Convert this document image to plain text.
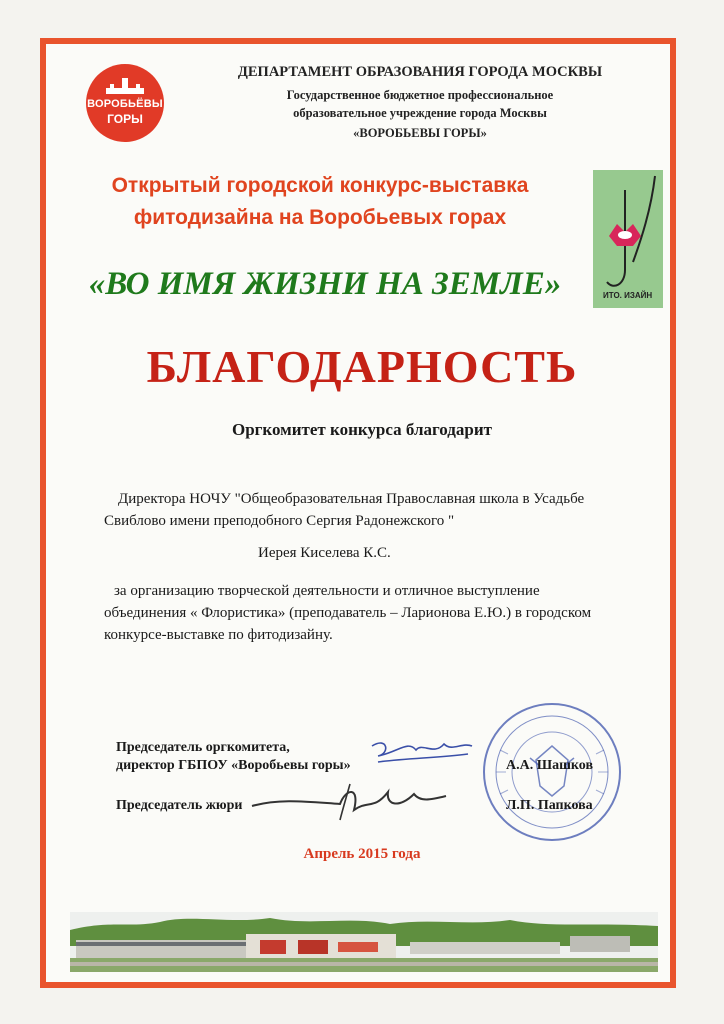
ВОРОБЬЁВЫ
ГОРЫ
ДЕПАРТАМЕНТ ОБРАЗОВАНИЯ ГОРОДА МОСКВЫ
Государственное бюджетное профессиональное
образовательное учреждение города Москвы
«ВОРОБЬЕВЫ ГОРЫ»
Открытый городской конкурс-выставка
фитодизайна на Воробьевых горах
ИТО. ИЗАЙН
«ВО ИМЯ ЖИЗНИ НА ЗЕМЛЕ»
БЛАГОДАРНОСТЬ
Оргкомитет конкурса благодарит
Директора НОЧУ "Общеобразовательная Православная школа в Усадьбе
Свиблово имени преподобного Сергия Радонежского "
Иерея Киселева К.С.
за организацию творческой деятельности и отличное выступление
объединения « Флористика» (преподаватель – Ларионова Е.Ю.) в городском
конкурсе-выставке по фитодизайну.
Председатель оргкомитета,
директор ГБПОУ «Воробьевы горы»	А.А. Шашков
Председатель жюри	Л.П. Папкова
Апрель 2015 года
